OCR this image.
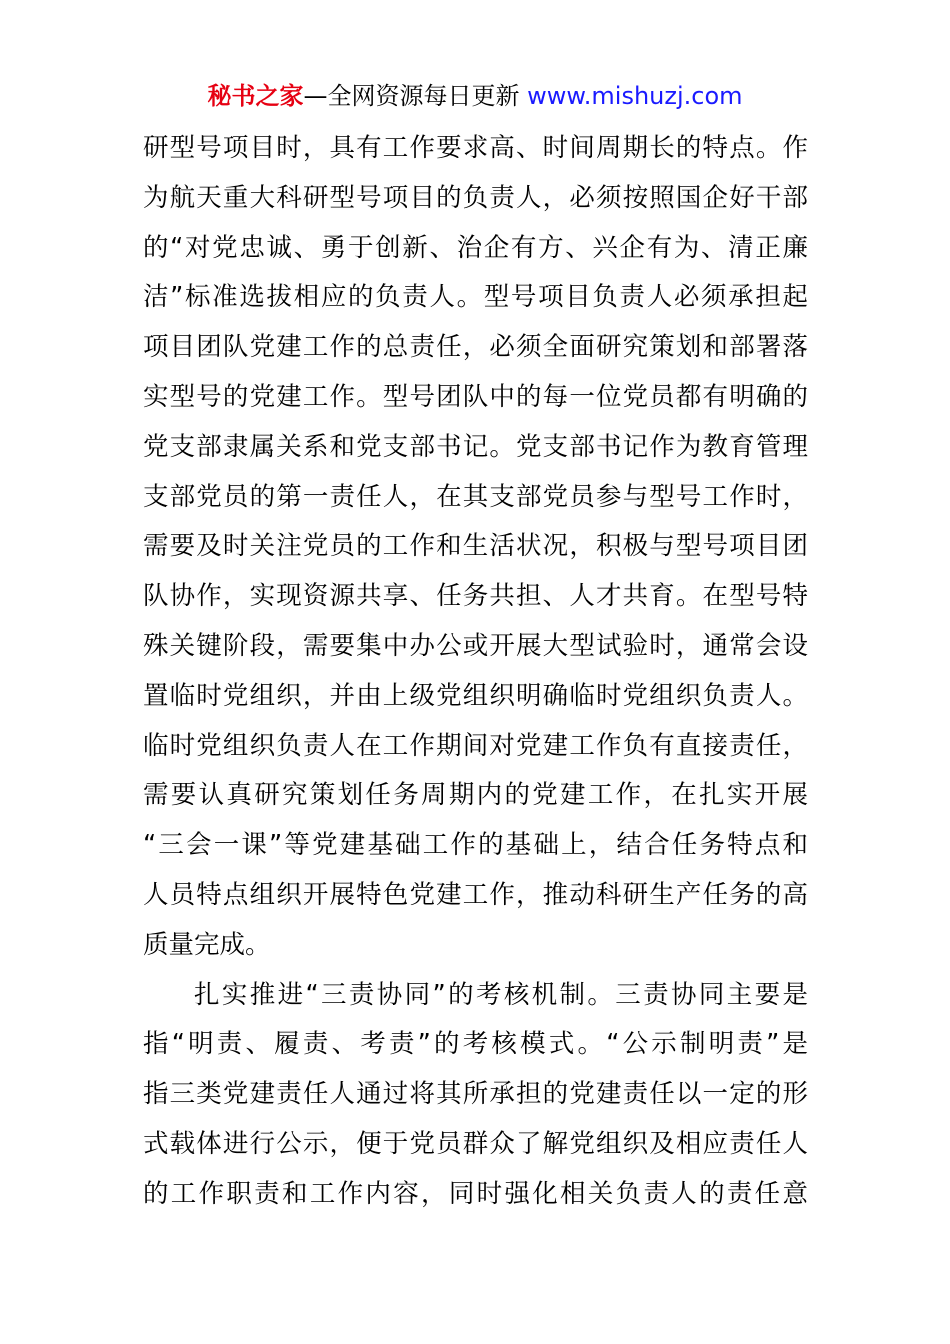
秘书之家—全网资源每日更新 www.mishuzj.com
研型号项目时，具有工作要求高、时间周期长的特点。作
为航天重大科研型号项目的负责人，必须按照国企好干部
的“对党忠诚、勇于创新、治企有方、兴企有为、清正廉
洁”标准选拔相应的负责人。型号项目负责人必须承担起
项目团队党建工作的总责任，必须全面研究策划和部署落
实型号的党建工作。型号团队中的每一位党员都有明确的
党支部隶属关系和党支部书记。党支部书记作为教育管理
支部党员的第一责任人，在其支部党员参与型号工作时，
需要及时关注党员的工作和生活状况，积极与型号项目团
队协作，实现资源共享、任务共担、人才共育。在型号特
殊关键阶段，需要集中办公或开展大型试验时，通常会设
置临时党组织，并由上级党组织明确临时党组织负责人。
临时党组织负责人在工作期间对党建工作负有直接责任，
需要认真研究策划任务周期内的党建工作，在扎实开展
“三会一课”等党建基础工作的基础上，结合任务特点和
人员特点组织开展特色党建工作，推动科研生产任务的高
质量完成。
扎实推进“三责协同”的考核机制。三责协同主要是
指“明责、履责、考责”的考核模式。“公示制明责”是
指三类党建责任人通过将其所承担的党建责任以一定的形
式载体进行公示，便于党员群众了解党组织及相应责任人
的工作职责和工作内容，同时强化相关负责人的责任意
